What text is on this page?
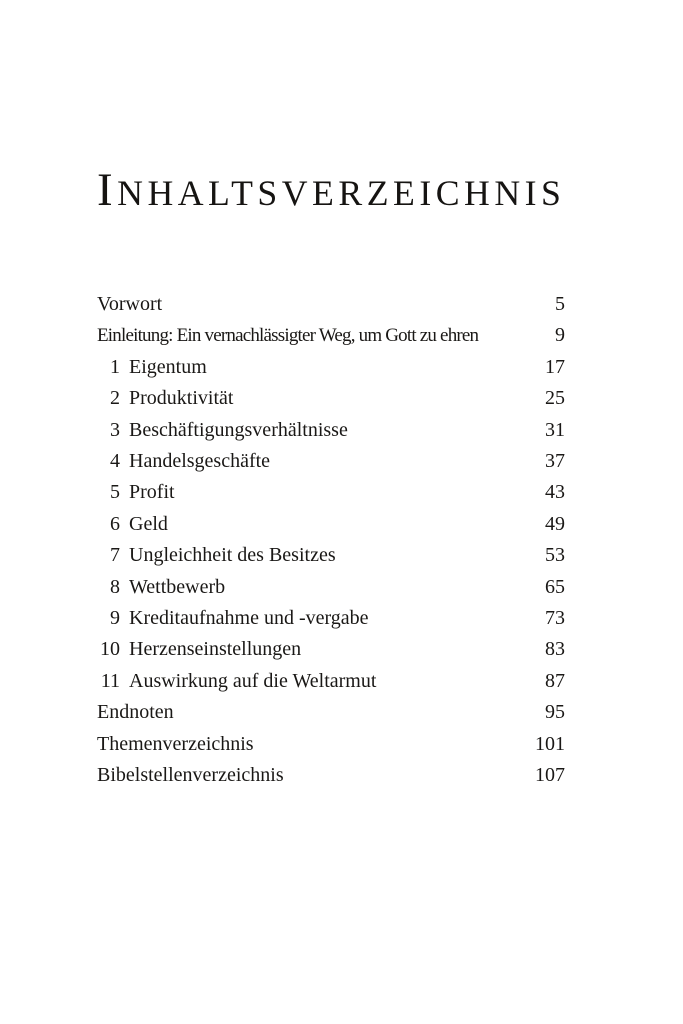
INHALTSVERZEICHNIS
Vorwort	5
Einleitung: Ein vernachlässigter Weg, um Gott zu ehren	9
1 Eigentum	17
2 Produktivität	25
3 Beschäftigungsverhältnisse	31
4 Handelsgeschäfte	37
5 Profit	43
6 Geld	49
7 Ungleichheit des Besitzes	53
8 Wettbewerb	65
9 Kreditaufnahme und -vergabe	73
10 Herzenseinstellungen	83
11 Auswirkung auf die Weltarmut	87
Endnoten	95
Themenverzeichnis	101
Bibelstellenverzeichnis	107
